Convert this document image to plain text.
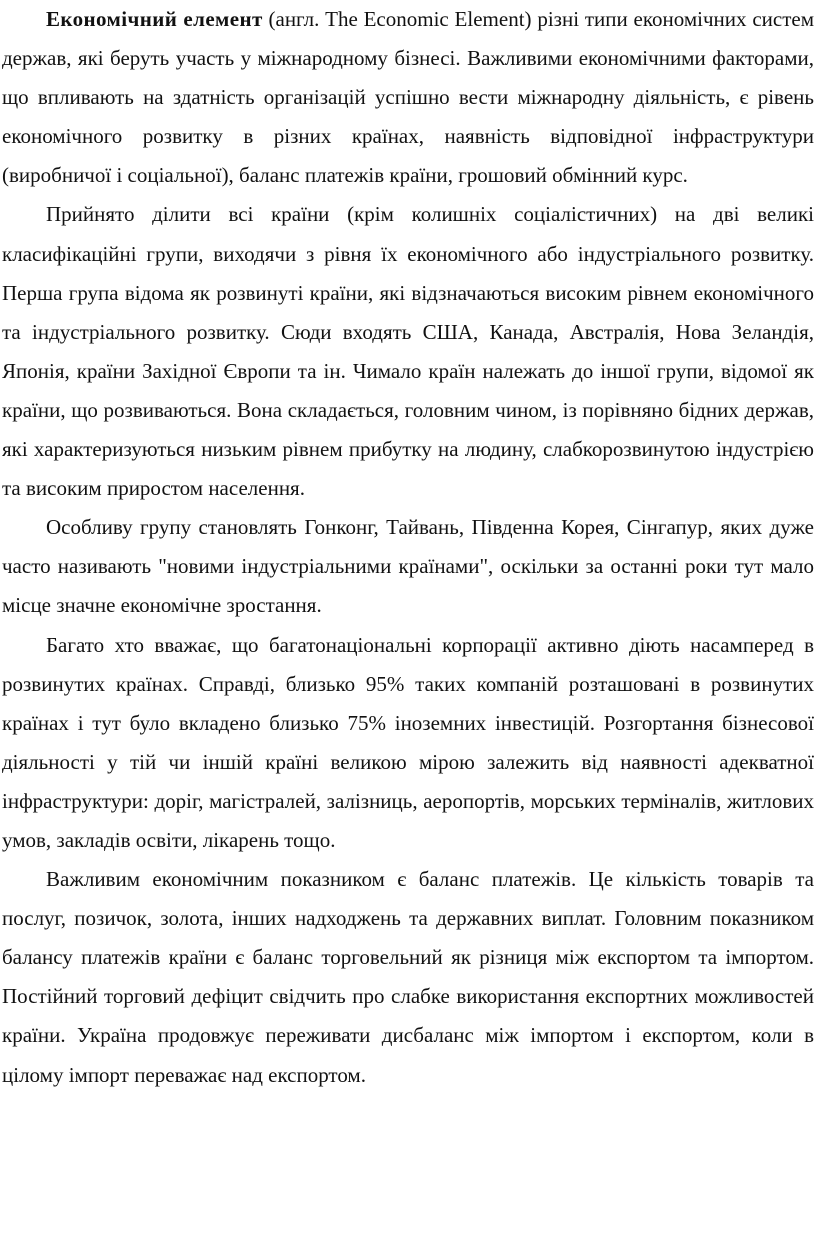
Економічний елемент (англ. The Economic Element) різні типи економічних систем держав, які беруть участь у міжнародному бізнесі. Важливими економічними факторами, що впливають на здатність організацій успішно вести міжнародну діяльність, є рівень економічного розвитку в різних країнах, наявність відповідної інфраструктури (виробничої і соціальної), баланс платежів країни, грошовий обмінний курс.

Прийнято ділити всі країни (крім колишніх соціалістичних) на дві великі класифікаційні групи, виходячи з рівня їх економічного або індустріального розвитку. Перша група відома як розвинуті країни, які відзначаються високим рівнем економічного та індустріального розвитку. Сюди входять США, Канада, Австралія, Нова Зеландія, Японія, країни Західної Європи та ін. Чимало країн належать до іншої групи, відомої як країни, що розвиваються. Вона складається, головним чином, із порівняно бідних держав, які характеризуються низьким рівнем прибутку на людину, слабкорозвинутою індустрією та високим приростом населення.

Особливу групу становлять Гонконг, Тайвань, Південна Корея, Сінгапур, яких дуже часто називають "новими індустріальними країнами", оскільки за останні роки тут мало місце значне економічне зростання.

Багато хто вважає, що багатонаціональні корпорації активно діють насамперед в розвинутих країнах. Справді, близько 95% таких компаній розташовані в розвинутих країнах і тут було вкладено близько 75% іноземних інвестицій. Розгортання бізнесової діяльності у тій чи іншій країні великою мірою залежить від наявності адекватної інфраструктури: доріг, магістралей, залізниць, аеропортів, морських терміналів, житлових умов, закладів освіти, лікарень тощо.

Важливим економічним показником є баланс платежів. Це кількість товарів та послуг, позичок, золота, інших надходжень та державних виплат. Головним показником балансу платежів країни є баланс торговельний як різниця між експортом та імпортом. Постійний торговий дефіцит свідчить про слабке використання експортних можливостей країни. Україна продовжує переживати дисбаланс між імпортом і експортом, коли в цілому імпорт переважає над експортом.
